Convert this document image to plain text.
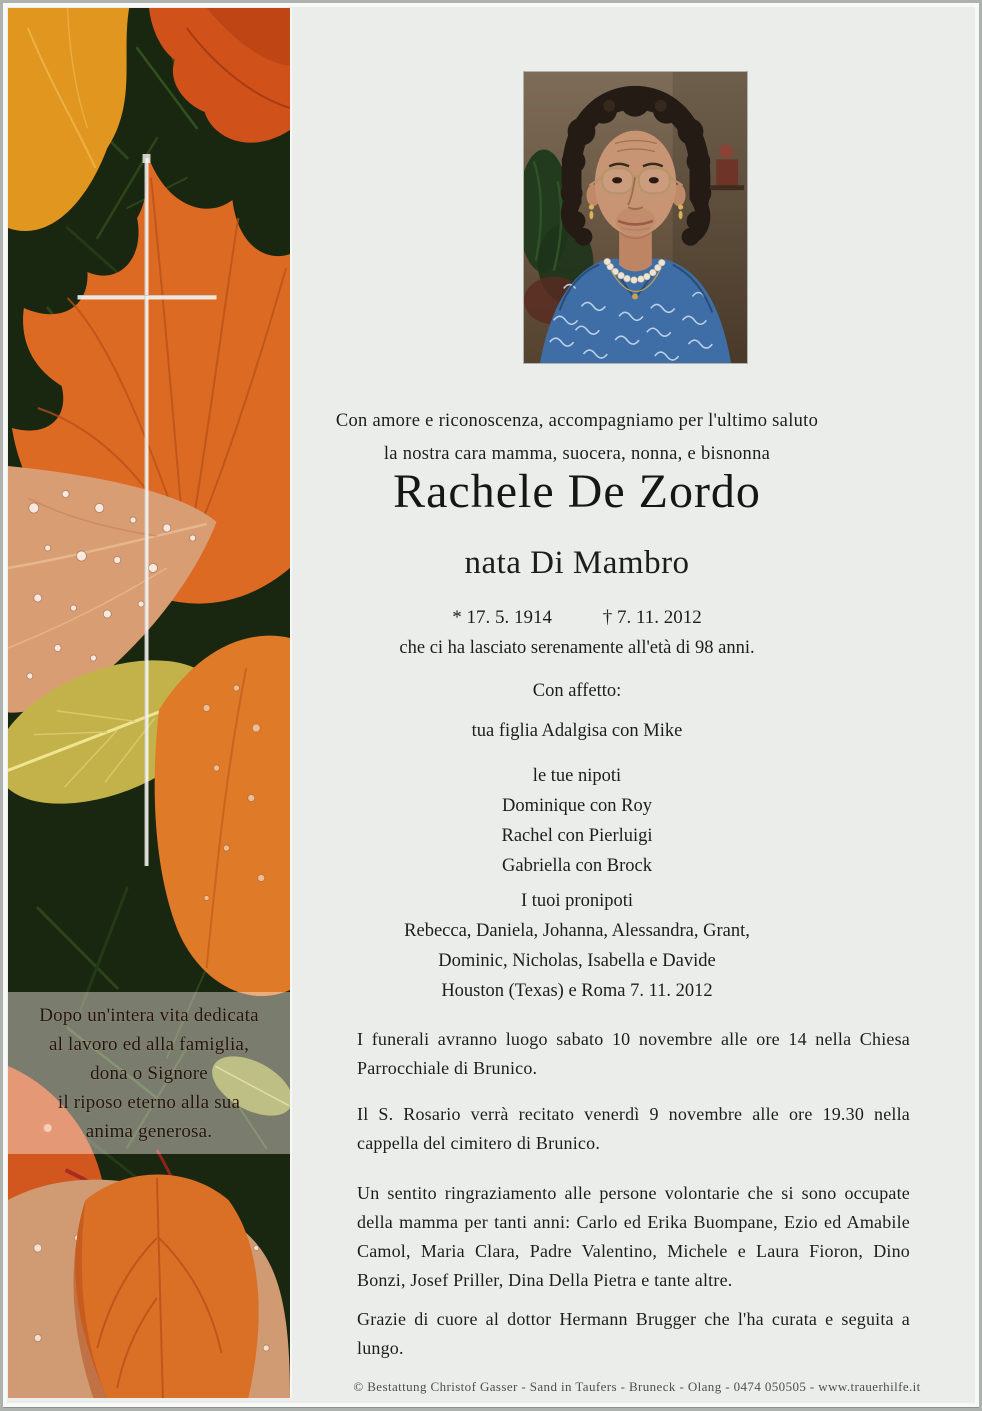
Dopo un'intera vita dedicata
al lavoro ed alla famiglia,
dona o Signore
il riposo eterno alla sua
anima generosa.
Con amore e riconoscenza, accompagniamo per l'ultimo saluto
la nostra cara mamma, suocera, nonna, e bisnonna
Rachele De Zordo
nata Di Mambro
* 17. 5. 1914	† 7. 11. 2012
che ci ha lasciato serenamente all'età di 98 anni.
Con affetto:
tua figlia Adalgisa con Mike
le tue nipoti
Dominique con Roy
Rachel con Pierluigi
Gabriella con Brock
I tuoi pronipoti
Rebecca, Daniela, Johanna, Alessandra, Grant,
Dominic, Nicholas, Isabella e Davide
Houston (Texas) e Roma 7. 11. 2012
I funerali avranno luogo sabato 10 novembre alle ore 14 nella Chiesa Parrocchiale di Brunico.
Il S. Rosario verrà recitato venerdì 9 novembre alle ore 19.30 nella cappella del cimitero di Brunico.
Un sentito ringraziamento alle persone volontarie che si sono occupate della mamma per tanti anni: Carlo ed Erika Buompane, Ezio ed Amabile Camol, Maria Clara, Padre Valentino, Michele e Laura Fioron, Dino Bonzi, Josef Priller, Dina Della Pietra e tante altre.
Grazie di cuore al dottor Hermann Brugger che l'ha curata e seguita a lungo.
© Bestattung Christof Gasser - Sand in Taufers - Bruneck - Olang - 0474 050505 - www.trauerhilfe.it
